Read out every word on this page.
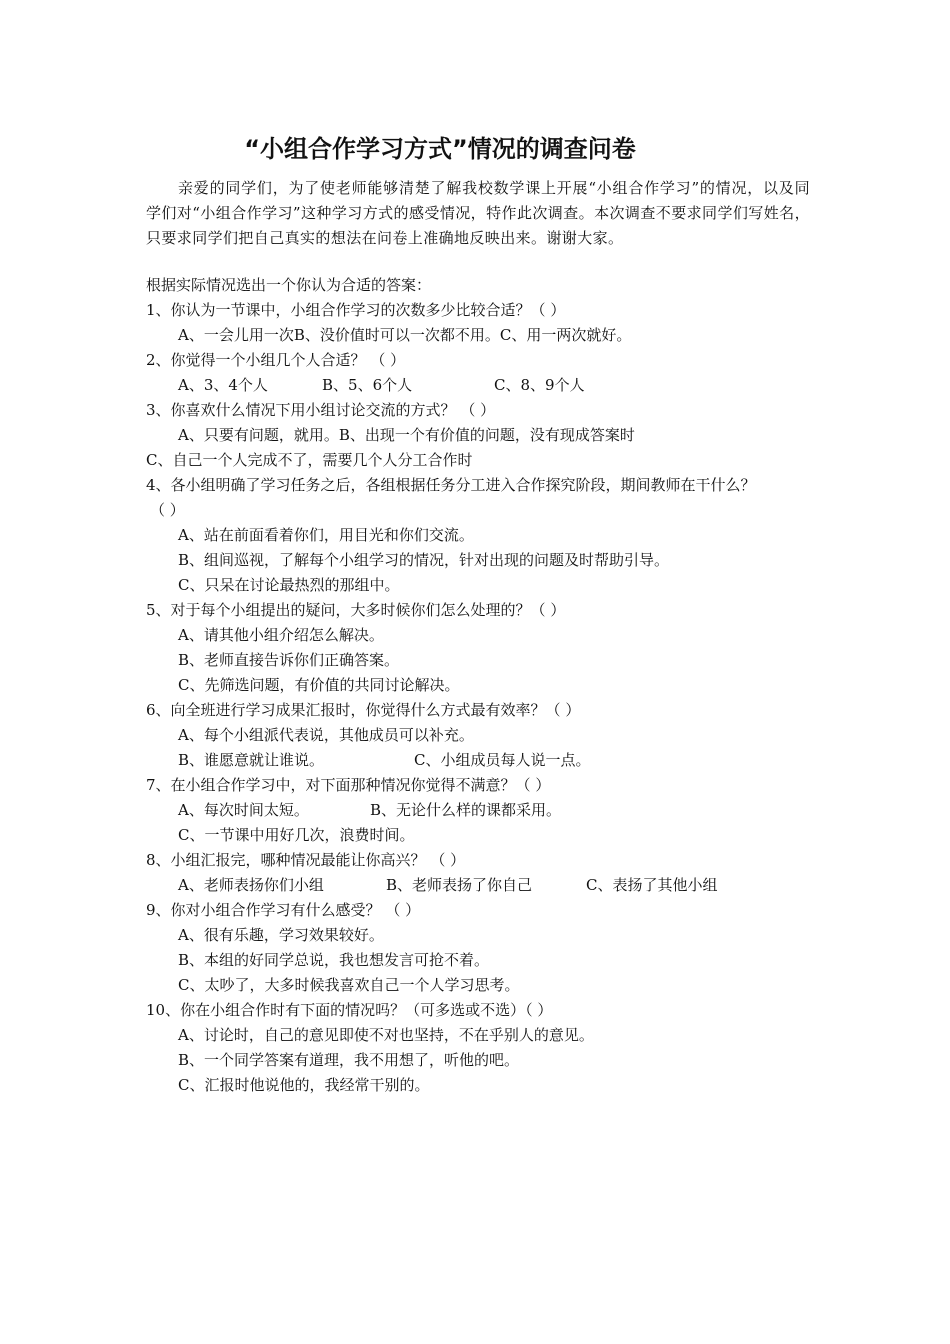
“小组合作学习方式”情况的调查问卷
亲爱的同学们，为了使老师能够清楚了解我校数学课上开展“小组合作学习”的情况，以及同学们对“小组合作学习”这种学习方式的感受情况，特作此次调查。本次调查不要求同学们写姓名，只要求同学们把自己真实的想法在问卷上准确地反映出来。谢谢大家。
根据实际情况选出一个你认为合适的答案：
1、你认为一节课中，小组合作学习的次数多少比较合适？（ ）
A、一会儿用一次B、没价值时可以一次都不用。C、用一两次就好。
2、你觉得一个小组几个人合适？ （ ）
A、3、4个人	B、5、6个人	C、8、9个人
3、你喜欢什么情况下用小组讨论交流的方式？ （ ）
A、只要有问题，就用。B、出现一个有价值的问题，没有现成答案时
C、自己一个人完成不了，需要几个人分工合作时
4、各小组明确了学习任务之后，各组根据任务分工进入合作探究阶段，期间教师在干什么？
（ ）
A、站在前面看着你们，用目光和你们交流。
B、组间巡视，了解每个小组学习的情况，针对出现的问题及时帮助引导。
C、只呆在讨论最热烈的那组中。
5、对于每个小组提出的疑问，大多时候你们怎么处理的？（ ）
A、请其他小组介绍怎么解决。
B、老师直接告诉你们正确答案。
C、先筛选问题，有价值的共同讨论解决。
6、向全班进行学习成果汇报时，你觉得什么方式最有效率？（ ）
A、每个小组派代表说，其他成员可以补充。
B、谁愿意就让谁说。	C、小组成员每人说一点。
7、在小组合作学习中，对下面那种情况你觉得不满意？（ ）
A、每次时间太短。	B、无论什么样的课都采用。
C、一节课中用好几次，浪费时间。
8、小组汇报完，哪种情况最能让你高兴？ （ ）
A、老师表扬你们小组	B、老师表扬了你自己	C、表扬了其他小组
9、你对小组合作学习有什么感受？ （ ）
A、很有乐趣，学习效果较好。
B、本组的好同学总说，我也想发言可抢不着。
C、太吵了，大多时候我喜欢自己一个人学习思考。
10、你在小组合作时有下面的情况吗？（可多选或不选）（ ）
A、讨论时，自己的意见即使不对也坚持，不在乎别人的意见。
B、一个同学答案有道理，我不用想了，听他的吧。
C、汇报时他说他的，我经常干别的。
